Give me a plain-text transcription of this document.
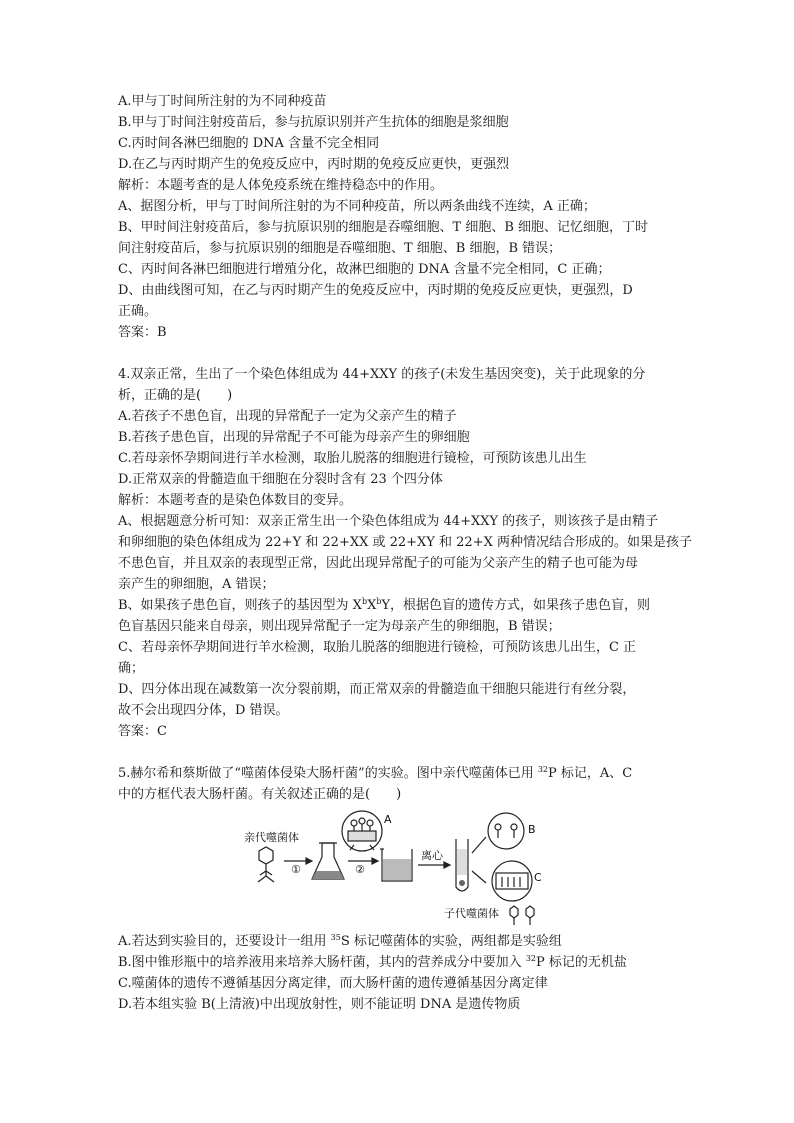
A.甲与丁时间所注射的为不同种疫苗
B.甲与丁时间注射疫苗后，参与抗原识别并产生抗体的细胞是浆细胞
C.丙时间各淋巴细胞的 DNA 含量不完全相同
D.在乙与丙时期产生的免疫反应中，丙时期的免疫反应更快，更强烈
解析：本题考查的是人体免疫系统在维持稳态中的作用。
A、据图分析，甲与丁时间所注射的为不同种疫苗，所以两条曲线不连续，A 正确；
B、甲时间注射疫苗后，参与抗原识别的细胞是吞噬细胞、T 细胞、B 细胞、记忆细胞，丁时
间注射疫苗后，参与抗原识别的细胞是吞噬细胞、T 细胞、B 细胞，B 错误；
C、丙时间各淋巴细胞进行增殖分化，故淋巴细胞的 DNA 含量不完全相同，C 正确；
D、由曲线图可知，在乙与丙时期产生的免疫反应中，丙时期的免疫反应更快，更强烈，D
正确。
答案：B
4.双亲正常，生出了一个染色体组成为 44+XXY 的孩子(未发生基因突变)，关于此现象的分
析，正确的是(　　)
A.若孩子不患色盲，出现的异常配子一定为父亲产生的精子
B.若孩子患色盲，出现的异常配子不可能为母亲产生的卵细胞
C.若母亲怀孕期间进行羊水检测，取胎儿脱落的细胞进行镜检，可预防该患儿出生
D.正常双亲的骨髓造血干细胞在分裂时含有 23 个四分体
解析：本题考查的是染色体数目的变异。
A、根据题意分析可知：双亲正常生出一个染色体组成为 44+XXY 的孩子，则该孩子是由精子
和卵细胞的染色体组成为 22+Y 和 22+XX 或 22+XY 和 22+X 两种情况结合形成的。如果是孩子
不患色盲，并且双亲的表现型正常，因此出现异常配子的可能为父亲产生的精子也可能为母
亲产生的卵细胞，A 错误；
B、如果孩子患色盲，则孩子的基因型为 $X^bX^bY$，根据色盲的遗传方式，如果孩子患色盲，则
色盲基因只能来自母亲，则出现异常配子一定为母亲产生的卵细胞，B 错误；
C、若母亲怀孕期间进行羊水检测，取胎儿脱落的细胞进行镜检，可预防该患儿出生，C 正
确；
D、四分体出现在减数第一次分裂前期，而正常双亲的骨髓造血干细胞只能进行有丝分裂，
故不会出现四分体，D 错误。
答案：C
5.赫尔希和蔡斯做了“噬菌体侵染大肠杆菌”的实验。图中亲代噬菌体已用 $^{32}$P 标记，A、C
中的方框代表大肠杆菌。有关叙述正确的是(　　)
亲代噬菌体
①	②
A
离心
B
C
子代噬菌体
A.若达到实验目的，还要设计一组用 $^{35}$S 标记噬菌体的实验，两组都是实验组
B.图中锥形瓶中的培养液用来培养大肠杆菌，其内的营养成分中要加入 $^{32}$P 标记的无机盐
C.噬菌体的遗传不遵循基因分离定律，而大肠杆菌的遗传遵循基因分离定律
D.若本组实验 B(上清液)中出现放射性，则不能证明 DNA 是遗传物质
